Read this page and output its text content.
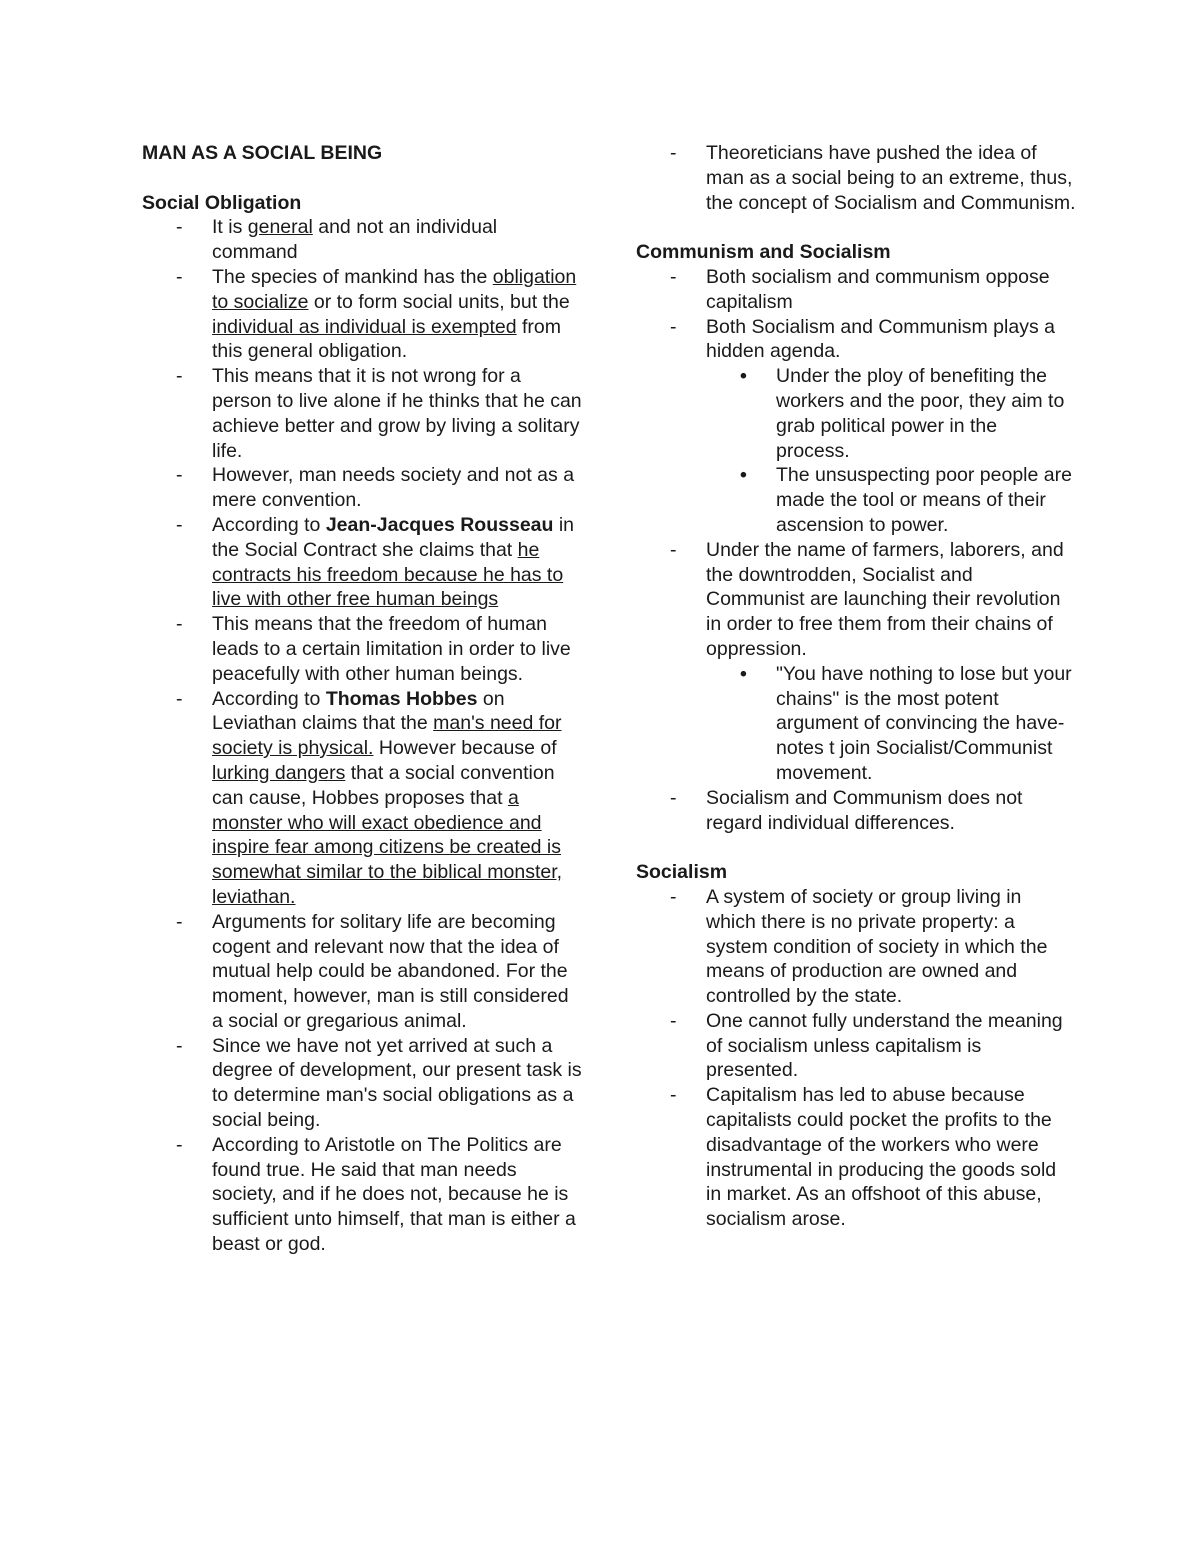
MAN AS A SOCIAL BEING
Social Obligation
- It is general and not an individual command
- The species of mankind has the obligation to socialize or to form social units, but the individual as individual is exempted from this general obligation.
- This means that it is not wrong for a person to live alone if he thinks that he can achieve better and grow by living a solitary life.
- However, man needs society and not as a mere convention.
- According to Jean-Jacques Rousseau in the Social Contract she claims that he contracts his freedom because he has to live with other free human beings
- This means that the freedom of human leads to a certain limitation in order to live peacefully with other human beings.
- According to Thomas Hobbes on Leviathan claims that the man's need for society is physical. However because of lurking dangers that a social convention can cause, Hobbes proposes that a monster who will exact obedience and inspire fear among citizens be created is somewhat similar to the biblical monster, leviathan.
- Arguments for solitary life are becoming cogent and relevant now that the idea of mutual help could be abandoned. For the moment, however, man is still considered a social or gregarious animal.
- Since we have not yet arrived at such a degree of development, our present task is to determine man's social obligations as a social being.
- According to Aristotle on The Politics are found true. He said that man needs society, and if he does not, because he is sufficient unto himself, that man is either a beast or god.
- Theoreticians have pushed the idea of man as a social being to an extreme, thus, the concept of Socialism and Communism.
Communism and Socialism
- Both socialism and communism oppose capitalism
- Both Socialism and Communism plays a hidden agenda.
• Under the ploy of benefiting the workers and the poor, they aim to grab political power in the process.
• The unsuspecting poor people are made the tool or means of their ascension to power.
- Under the name of farmers, laborers, and the downtrodden, Socialist and Communist are launching their revolution in order to free them from their chains of oppression.
• "You have nothing to lose but your chains" is the most potent argument of convincing the have-notes t join Socialist/Communist movement.
- Socialism and Communism does not regard individual differences.
Socialism
- A system of society or group living in which there is no private property: a system condition of society in which the means of production are owned and controlled by the state.
- One cannot fully understand the meaning of socialism unless capitalism is presented.
- Capitalism has led to abuse because capitalists could pocket the profits to the disadvantage of the workers who were instrumental in producing the goods sold in market. As an offshoot of this abuse, socialism arose.
